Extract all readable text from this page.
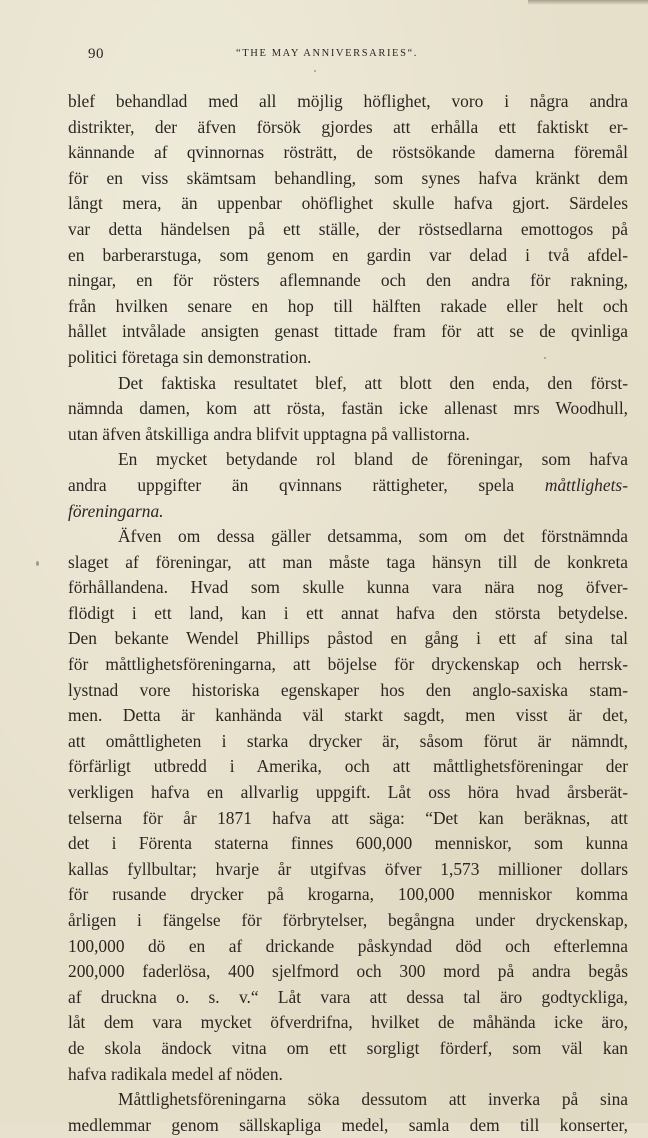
90	“THE MAY ANNIVERSARIES“.
blef behandlad med all möjlig höflighet, voro i några andra
distrikter, der äfven försök gjordes att erhålla ett faktiskt er-
kännande af qvinnornas rösträtt, de röstsökande damerna föremål
för en viss skämtsam behandling, som synes hafva kränkt dem
långt mera, än uppenbar ohöflighet skulle hafva gjort. Särdeles
var detta händelsen på ett ställe, der röstsedlarna emottogos på
en barberarstuga, som genom en gardin var delad i två afdel-
ningar, en för rösters aflemnande och den andra för rakning,
från hvilken senare en hop till hälften rakade eller helt och
hållet intvålade ansigten genast tittade fram för att se de qvinliga
politici företaga sin demonstration.
Det faktiska resultatet blef, att blott den enda, den först-
nämnda damen, kom att rösta, fastän icke allenast mrs Woodhull,
utan äfven åtskilliga andra blifvit upptagna på vallistorna.
En mycket betydande rol bland de föreningar, som hafva
andra uppgifter än qvinnans rättigheter, spela måttlighets-
föreningarna.
Äfven om dessa gäller detsamma, som om det förstnämnda
slaget af föreningar, att man måste taga hänsyn till de konkreta
förhållandena. Hvad som skulle kunna vara nära nog öfver-
flödigt i ett land, kan i ett annat hafva den största betydelse.
Den bekante Wendel Phillips påstod en gång i ett af sina tal
för måttlighetsföreningarna, att böjelse för dryckenskap och herrsk-
lystnad vore historiska egenskaper hos den anglo-saxiska stam-
men. Detta är kanhända väl starkt sagdt, men visst är det,
att omåttligheten i starka drycker är, såsom förut är nämndt,
förfärligt utbredd i Amerika, och att måttlighetsföreningar der
verkligen hafva en allvarlig uppgift. Låt oss höra hvad årsberät-
telserna för år 1871 hafva att säga: “Det kan beräknas, att
det i Förenta staterna finnes 600,000 menniskor, som kunna
kallas fyllbultar; hvarje år utgifvas öfver 1,573 millioner dollars
för rusande drycker på krogarna, 100,000 menniskor komma
årligen i fängelse för förbrytelser, begångna under dryckenskap,
100,000 dö en af drickande påskyndad död och efterlemna
200,000 faderlösa, 400 sjelfmord och 300 mord på andra begås
af druckna o. s. v.“ Låt vara att dessa tal äro godtyckliga,
låt dem vara mycket öfverdrifna, hvilket de måhända icke äro,
de skola ändock vitna om ett sorgligt förderf, som väl kan
hafva radikala medel af nöden.
Måttlighetsföreningarna söka dessutom att inverka på sina
medlemmar genom sällskapliga medel, samla dem till konserter,
